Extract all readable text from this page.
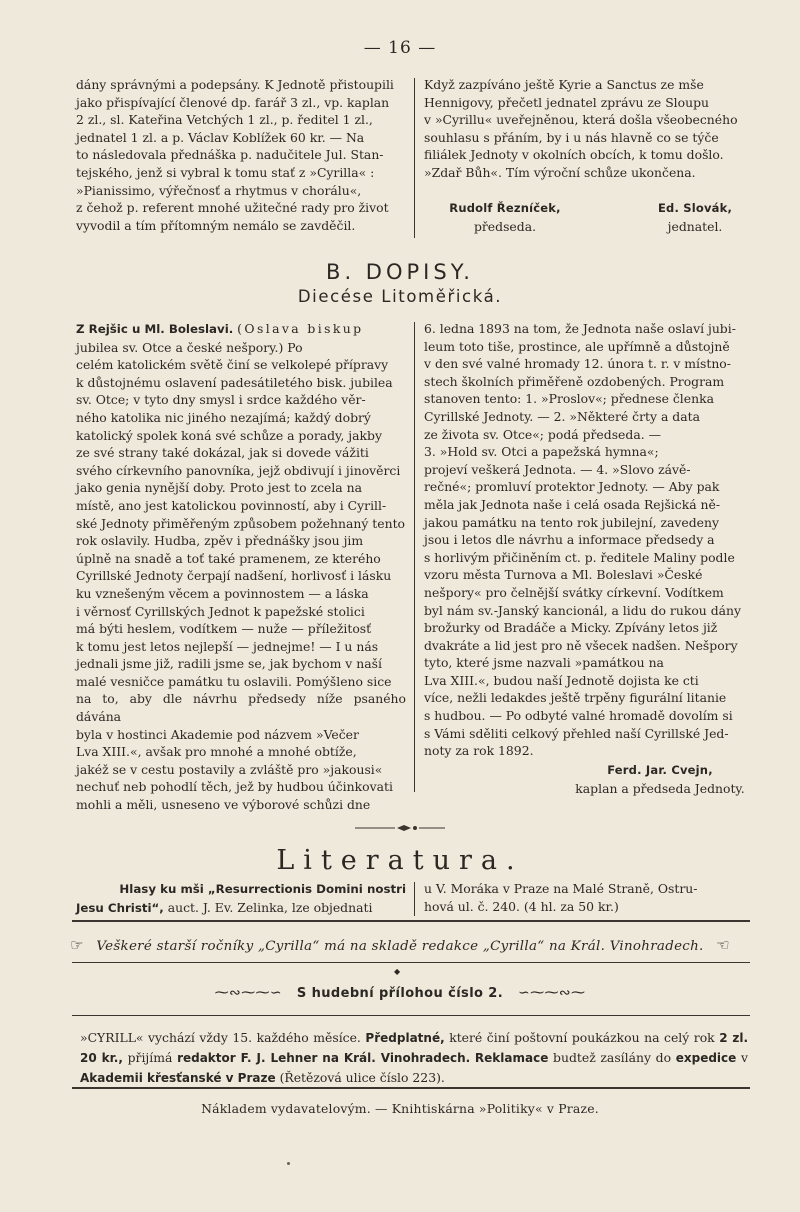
— 16 —

dány správnými a podepsány. K Jednotě přistoupili

jako přispívající členové dp. farář 3 zl., vp. kaplan

2 zl., sl. Kateřina Vetchých 1 zl., p. ředitel 1 zl.,

jednatel 1 zl. a p. Václav Koblížek 60 kr. — Na

to následovala přednáška p. nadučitele Jul. Stan-

tejského, jenž si vybral k tomu stať z »Cyrilla« :

»Pianissimo, výřečnosť a rhytmus v chorálu«,

z čehož p. referent mnohé užitečné rady pro život

vyvodil a tím přítomným nemálo se zavděčil.

Když zazpíváno ještě Kyrie a Sanctus ze mše

Hennigovy, přečetl jednatel zprávu ze Sloupu

v »Cyrillu« uveřejněnou, která došla všeobecného

souhlasu s přáním, by i u nás hlavně co se týče

filiálek Jednoty v okolních obcích, k tomu došlo.

»Zdař Bůh«. Tím výroční schůze ukončena.

Rudolf Řezníček,
předseda.
Ed. Slovák,
jednatel.
B. DOPISY.
Diecése Litoměřická.

Z Rejšic u Ml. Boleslavi. (Oslava biskup

jubilea sv. Otce a české nešpory.) Po

celém katolickém světě činí se velkolepé přípravy

k důstojnému oslavení padesátiletého bisk. jubilea

sv. Otce; v tyto dny smysl i srdce každého věr-

ného katolika nic jiného nezajímá; každý dobrý

katolický spolek koná své schůze a porady, jakby

ze své strany také dokázal, jak si dovede vážiti

svého církevního panovníka, jejž obdivují i jinověrci

jako genia nynější doby. Proto jest to zcela na

místě, ano jest katolickou povinností, aby i Cyrill-

ské Jednoty přiměřeným způsobem požehnaný tento

rok oslavily. Hudba, zpěv i přednášky jsou jim

úplně na snadě a toť také pramenem, ze kterého

Cyrillské Jednoty čerpají nadšení, horlivosť i lásku

ku vznešeným věcem a povinnostem — a láska

i věrnosť Cyrillských Jednot k papežské stolici

má býti heslem, vodítkem — nuže — příležitosť

k tomu jest letos nejlepší — jednejme! — I u nás

jednali jsme již, radili jsme se, jak bychom v naší

malé vesničce památku tu oslavili. Pomýšleno sice

na to, aby dle návrhu předsedy níže psaného dávána

byla v hostinci Akademie pod názvem »Večer

Lva XIII.«, avšak pro mnohé a mnohé obtíže,

jakéž se v cestu postavily a zvláště pro »jakousi«

nechuť neb pohodlí těch, jež by hudbou účinkovati

mohli a měli, usneseno ve výborové schůzi dne

6. ledna 1893 na tom, že Jednota naše oslaví jubi-

leum toto tiše, prostince, ale upřímně a důstojně

v den své valné hromady 12. února t. r. v místno-

stech školních přiměřeně ozdobených. Program

stanoven tento: 1. »Proslov«; přednese členka

Cyrillské Jednoty. — 2. »Některé črty a data

ze života sv. Otce«; podá předseda. —

3. »Hold sv. Otci a papežská hymna«;

projeví veškerá Jednota. — 4. »Slovo závě-

rečné«; promluví protektor Jednoty. — Aby pak

měla jak Jednota naše i celá osada Rejšická ně-

jakou památku na tento rok jubilejní, zavedeny

jsou i letos dle návrhu a informace předsedy a

s horlivým přičiněním ct. p. ředitele Maliny podle

vzoru města Turnova a Ml. Boleslavi »České

nešpory« pro čelnější svátky církevní. Vodítkem

byl nám sv.-Janský kancionál, a lidu do rukou dány

brožurky od Bradáče a Micky. Zpívány letos již

dvakráte a lid jest pro ně všecek nadšen. Nešpory

tyto, které jsme nazvali »památkou na

Lva XIII.«, budou naší Jednotě dojista ke cti

více, nežli ledakdes ještě trpěny figurální litanie

s hudbou. — Po odbyté valné hromadě dovolím si

s Vámi sděliti celkový přehled naší Cyrillské Jed-

noty za rok 1892.

Ferd. Jar. Cvejn,
kaplan a předseda Jednoty.
Literatura.

Hlasy ku mši „Resurrectionis Domini nostri

Jesu Christi“, auct. J. Ev. Zelinka, lze objednati

u V. Moráka v Praze na Malé Straně, Ostru-

hová ul. č. 240. (4 hl. za 50 kr.)

☞ Veškeré starší ročníky „Cyrilla“ má na skladě redakce „Cyrilla“ na Král. Vinohradech. ☜
◆
⁓∾⁓⁓∽ S hudební přílohou číslo 2. ∽⁓⁓∾⁓
»CYRILL« vychází vždy 15. každého měsíce. Předplatné, které činí poštovní poukázkou na celý rok 2 zl. 20 kr., přijímá redaktor F. J. Lehner na Král. Vinohradech. Reklamace budtež zasílány do expedice v Akademii křesťanské v Praze (Řetězová ulice číslo 223).
Nákladem vydavatelovým. — Knihtiskárna »Politiky« v Praze.
